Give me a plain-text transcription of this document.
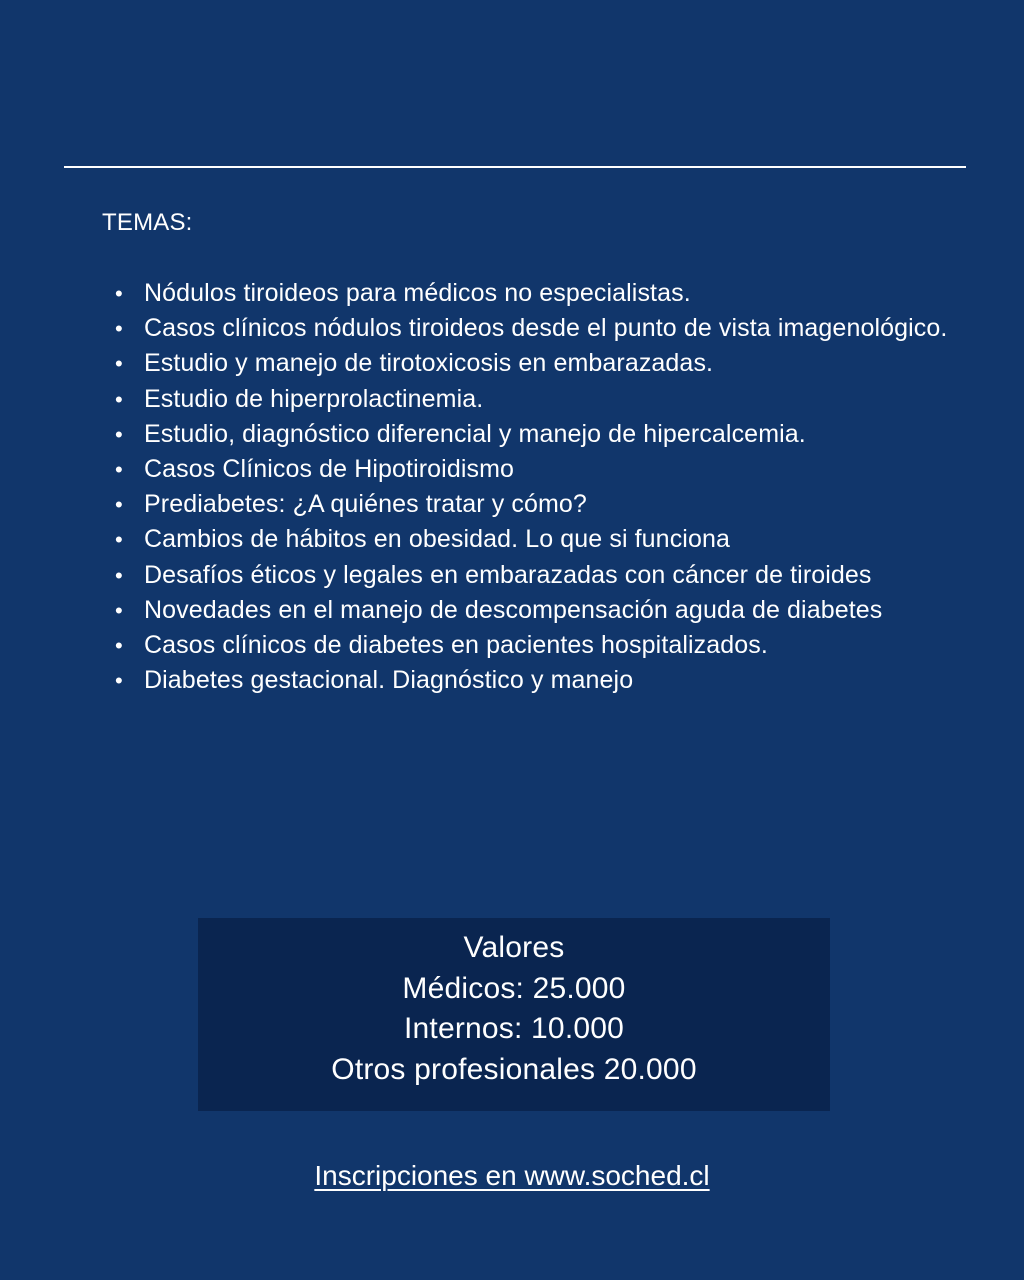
TEMAS:
• Nódulos tiroideos para médicos no especialistas.
• Casos clínicos nódulos tiroideos desde el punto de vista imagenológico.
• Estudio y manejo de tirotoxicosis en embarazadas.
• Estudio de hiperprolactinemia.
• Estudio, diagnóstico diferencial y manejo de hipercalcemia.
• Casos Clínicos de Hipotiroidismo
• Prediabetes: ¿A quiénes tratar y cómo?
• Cambios de hábitos en obesidad. Lo que si funciona
• Desafíos éticos y legales en embarazadas con cáncer de tiroides
• Novedades en el manejo de descompensación aguda de diabetes
• Casos clínicos de diabetes en pacientes hospitalizados.
• Diabetes gestacional. Diagnóstico y manejo
Valores
Médicos: 25.000
Internos: 10.000
Otros profesionales 20.000
Inscripciones en www.soched.cl
